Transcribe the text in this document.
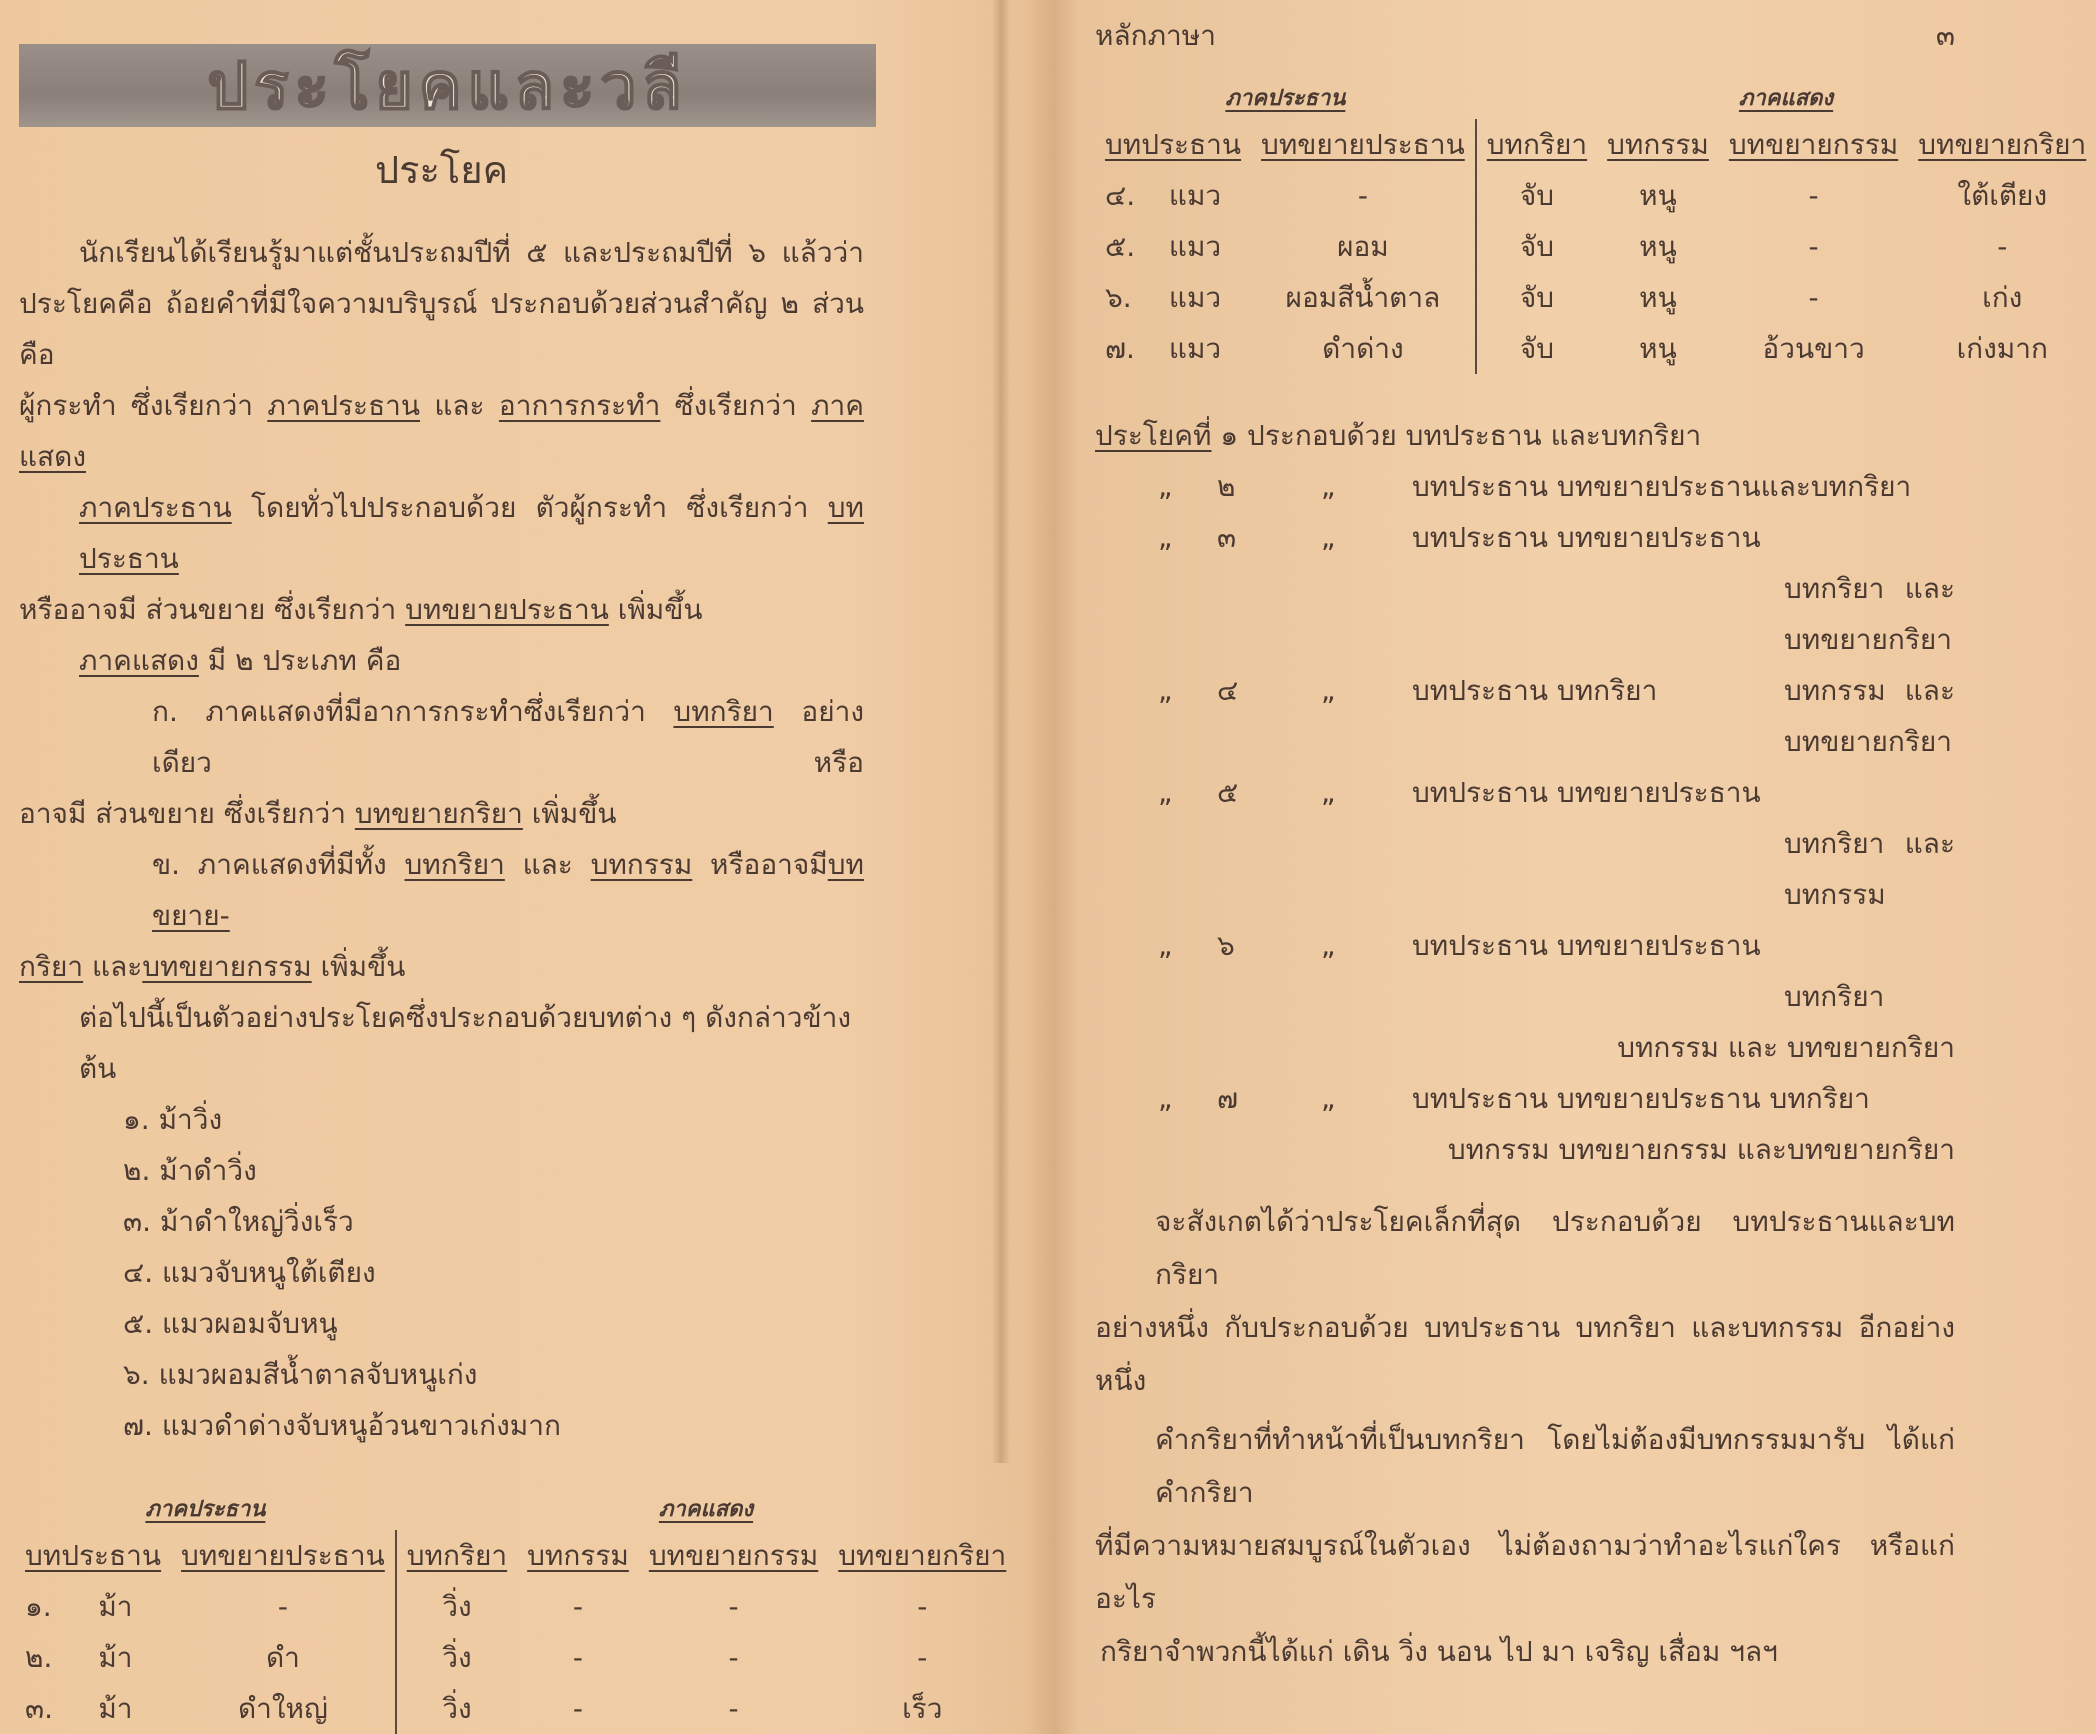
ประโยคและวลี
ประโยค
นักเรียนได้เรียนรู้มาแต่ชั้นประถมปีที่ ๕ และประถมปีที่ ๖ แล้วว่า
ประโยคคือ ถ้อยคำที่มีใจความบริบูรณ์ ประกอบด้วยส่วนสำคัญ ๒ ส่วน คือ
ผู้กระทำ ซึ่งเรียกว่า ภาคประธาน และ อาการกระทำ ซึ่งเรียกว่า ภาคแสดง
ภาคประธาน โดยทั่วไปประกอบด้วย ตัวผู้กระทำ ซึ่งเรียกว่า บทประธาน
หรืออาจมี ส่วนขยาย ซึ่งเรียกว่า บทขยายประธาน เพิ่มขึ้น
ภาคแสดง มี ๒ ประเภท คือ
ก. ภาคแสดงที่มีอาการกระทำซึ่งเรียกว่า บทกริยา อย่างเดียว หรือ
อาจมี ส่วนขยาย ซึ่งเรียกว่า บทขยายกริยา เพิ่มขึ้น
ข. ภาคแสดงที่มีทั้ง บทกริยา และ บทกรรม หรืออาจมีบทขยาย-
กริยา และบทขยายกรรม เพิ่มขึ้น
ต่อไปนี้เป็นตัวอย่างประโยคซึ่งประกอบด้วยบทต่าง ๆ ดังกล่าวข้างต้น
๑. ม้าวิ่ง
๒. ม้าดำวิ่ง
๓. ม้าดำใหญ่วิ่งเร็ว
๔. แมวจับหนูใต้เตียง
๕. แมวผอมจับหนู
๖. แมวผอมสีน้ำตาลจับหนูเก่ง
๗. แมวดำด่างจับหนูอ้วนขาวเก่งมาก
ภาคประธาน			ภาคแสดง			
บทประธาน		บทขยายประธาน	บทกริยา	บทกรรม	บทขยายกรรม	บทขยายกริยา
๑.	ม้า	-	วิ่ง	-	-	-
๒.	ม้า	ดำ	วิ่ง	-	-	-
๓.	ม้า	ดำใหญ่	วิ่ง	-	-	เร็ว
หลักภาษา	๓
ภาคประธาน			ภาคแสดง			
บทประธาน		บทขยายประธาน	บทกริยา	บทกรรม	บทขยายกรรม	บทขยายกริยา
๔.	แมว	-	จับ	หนู	-	ใต้เตียง
๕.	แมว	ผอม	จับ	หนู	-	-
๖.	แมว	ผอมสีน้ำตาล	จับ	หนู	-	เก่ง
๗.	แมว	ดำด่าง	จับ	หนู	อ้วนขาว	เก่งมาก
ประโยคที่ ๑ ประกอบด้วย บทประธาน และบทกริยา
„	๒	„	บทประธาน บทขยายประธานและบทกริยา
„	๓	„	บทประธาน บทขยายประธาน
บทกริยา และ
บทขยายกริยา
„	๔	„	บทประธาน บทกริยา	บทกรรม และ
บทขยายกริยา
„	๕	„	บทประธาน บทขยายประธาน
บทกริยา และ
บทกรรม
„	๖	„	บทประธาน บทขยายประธาน
บทกริยา
บทกรรม และ บทขยายกริยา
„	๗	„	บทประธาน บทขยายประธาน บทกริยา
บทกรรม บทขยายกรรม และบทขยายกริยา
จะสังเกตได้ว่าประโยคเล็กที่สุด ประกอบด้วย บทประธานและบทกริยา
อย่างหนึ่ง กับประกอบด้วย บทประธาน บทกริยา และบทกรรม อีกอย่าง
หนึ่ง
คำกริยาที่ทำหน้าที่เป็นบทกริยา โดยไม่ต้องมีบทกรรมมารับ ได้แก่คำกริยา
ที่มีความหมายสมบูรณ์ในตัวเอง ไม่ต้องถามว่าทำอะไรแก่ใคร หรือแก่อะไร
กริยาจำพวกนี้ได้แก่ เดิน วิ่ง นอน ไป มา เจริญ เสื่อม ฯลฯ
